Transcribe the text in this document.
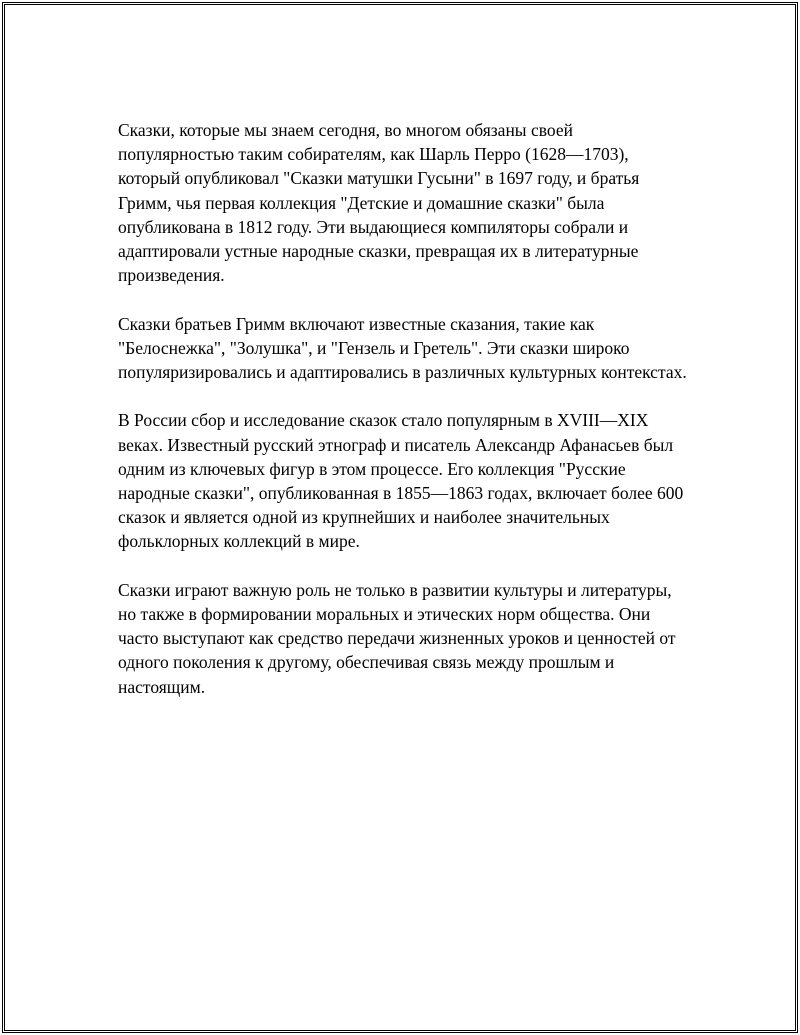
Сказки, которые мы знаем сегодня, во многом обязаны своей популярностью таким собирателям, как Шарль Перро (1628—1703), который опубликовал "Сказки матушки Гусыни" в 1697 году, и братья Гримм, чья первая коллекция "Детские и домашние сказки" была опубликована в 1812 году. Эти выдающиеся компиляторы собрали и адаптировали устные народные сказки, превращая их в литературные произведения.

Сказки братьев Гримм включают известные сказания, такие как "Белоснежка", "Золушка", и "Гензель и Гретель". Эти сказки широко популяризировались и адаптировались в различных культурных контекстах.

В России сбор и исследование сказок стало популярным в XVIII—XIX веках. Известный русский этнограф и писатель Александр Афанасьев был одним из ключевых фигур в этом процессе. Его коллекция "Русские народные сказки", опубликованная в 1855—1863 годах, включает более 600 сказок и является одной из крупнейших и наиболее значительных фольклорных коллекций в мире.

Сказки играют важную роль не только в развитии культуры и литературы, но также в формировании моральных и этических норм общества. Они часто выступают как средство передачи жизненных уроков и ценностей от одного поколения к другому, обеспечивая связь между прошлым и настоящим.
